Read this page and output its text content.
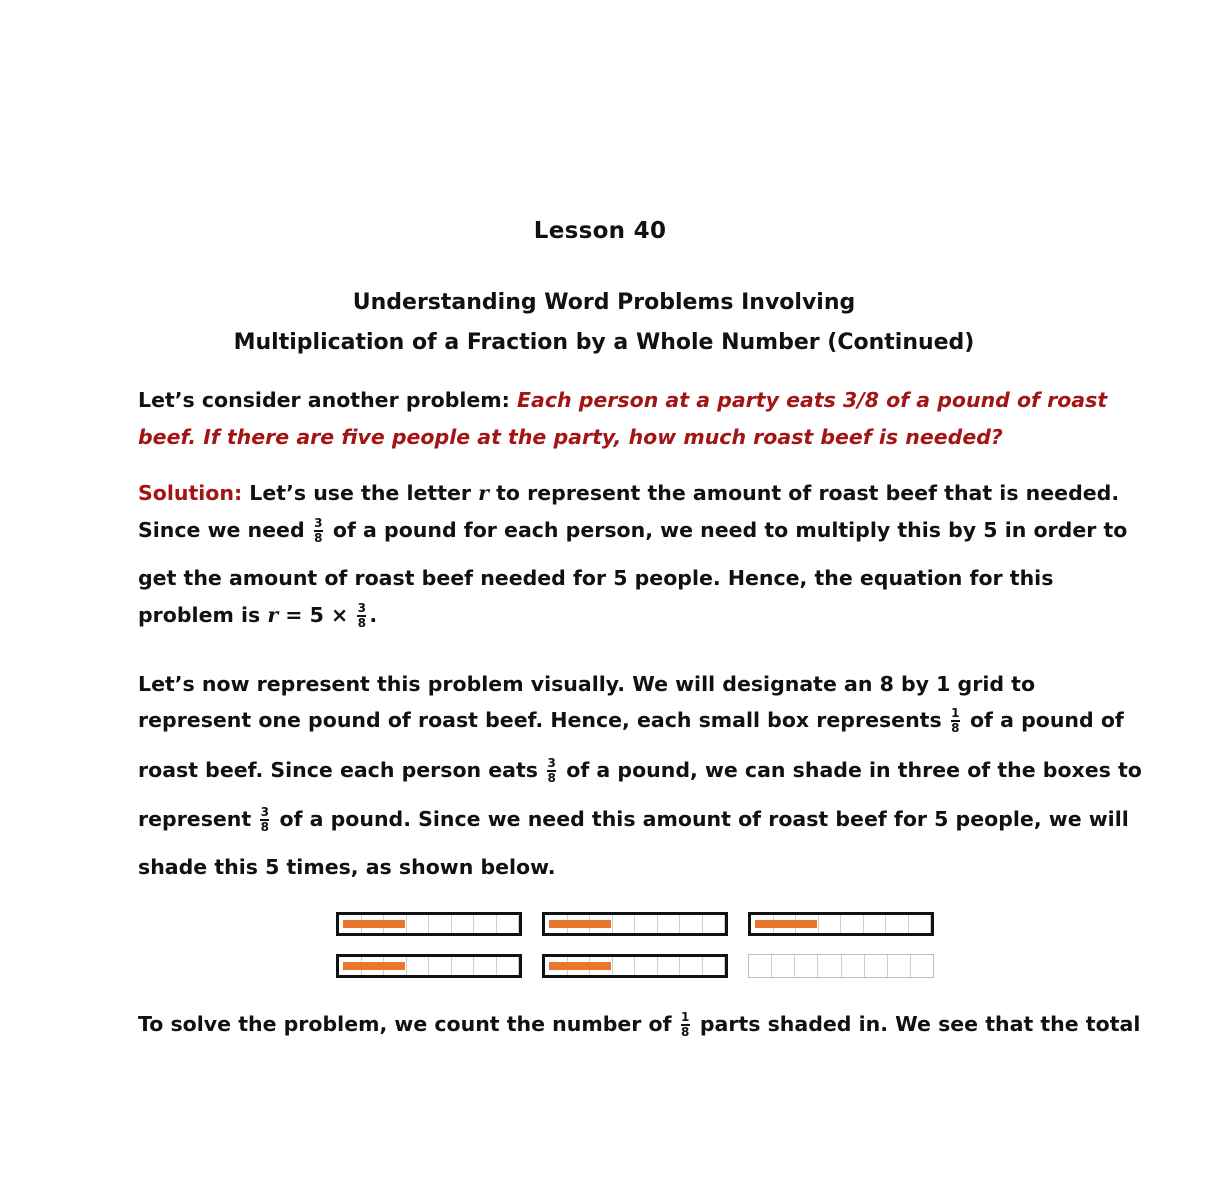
Lesson 40
Understanding Word Problems Involving
Multiplication of a Fraction by a Whole Number (Continued)
Let’s consider another problem: Each person at a party eats 3/8 of a pound of roast
beef. If there are five people at the party, how much roast beef is needed?
Solution: Let’s use the letter r to represent the amount of roast beef that is needed.
Since we need $\frac{3}{8}$ of a pound for each person, we need to multiply this by 5 in order to
get the amount of roast beef needed for 5 people. Hence, the equation for this
problem is $r = 5 \times \frac{3}{8}$ .
Let’s now represent this problem visually. We will designate an 8 by 1 grid to
represent one pound of roast beef. Hence, each small box represents $\frac{1}{8}$ of a pound of
roast beef. Since each person eats $\frac{3}{8}$ of a pound, we can shade in three of the boxes to
represent $\frac{3}{8}$ of a pound. Since we need this amount of roast beef for 5 people, we will
shade this 5 times, as shown below.
To solve the problem, we count the number of $\frac{1}{8}$ parts shaded in. We see that the total
